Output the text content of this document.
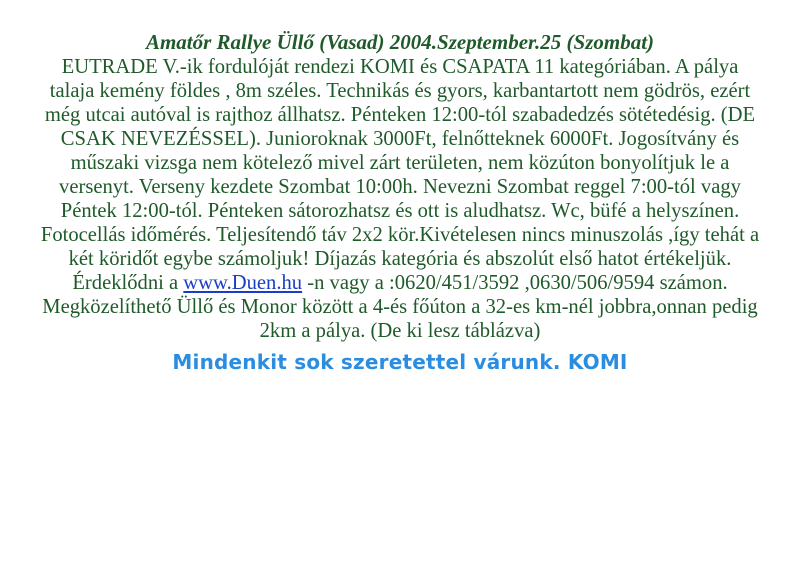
Amatőr Rallye Üllő (Vasad) 2004.Szeptember.25 (Szombat)

EUTRADE V.-ik fordulóját rendezi KOMI és CSAPATA 11 kategóriában. A pálya talaja kemény földes , 8m széles. Technikás és gyors, karbantartott nem gödrös, ezért még utcai autóval is rajthoz állhatsz. Pénteken 12:00-tól szabadedzés sötétedésig. (DE CSAK NEVEZÉSSEL). Junioroknak 3000Ft, felnőtteknek 6000Ft. Jogosítvány és műszaki vizsga nem kötelező mivel zárt területen, nem közúton bonyolítjuk le a versenyt. Verseny kezdete Szombat 10:00h. Nevezni Szombat reggel 7:00-tól vagy Péntek 12:00-tól. Pénteken sátorozhatsz és ott is aludhatsz. Wc, büfé a helyszínen. Fotocellás időmérés. Teljesítendő táv 2x2 kör.Kivételesen nincs minuszolás ,így tehát a két köridőt egybe számoljuk! Díjazás kategória és abszolút első hatot értékeljük. Érdeklődni a www.Duen.hu -n vagy a :0620/451/3592 ,0630/506/9594 számon. Megközelíthető Üllő és Monor között a 4-és főúton a 32-es km-nél jobbra,onnan pedig 2km a pálya. (De ki lesz táblázva)

Mindenkit sok szeretettel várunk. KOMI
